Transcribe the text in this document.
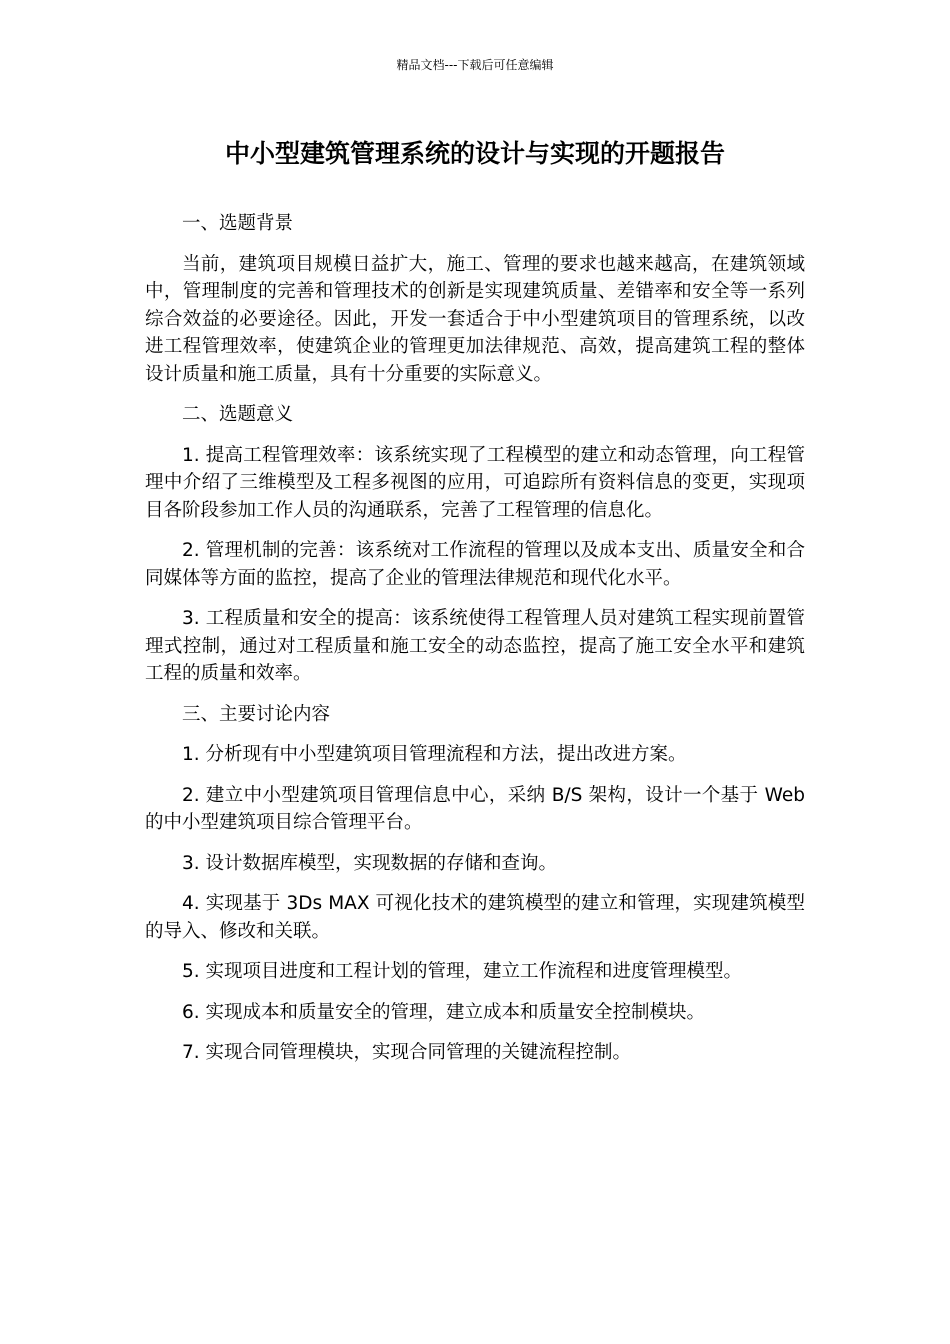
精品文档---下载后可任意编辑
中小型建筑管理系统的设计与实现的开题报告

一、选题背景

当前，建筑项目规模日益扩大，施工、管理的要求也越来越高，在建筑领域中，管理制度的完善和管理技术的创新是实现建筑质量、差错率和安全等一系列综合效益的必要途径。因此，开发一套适合于中小型建筑项目的管理系统，以改进工程管理效率，使建筑企业的管理更加法律规范、高效，提高建筑工程的整体设计质量和施工质量，具有十分重要的实际意义。

二、选题意义

1. 提高工程管理效率：该系统实现了工程模型的建立和动态管理，向工程管理中介绍了三维模型及工程多视图的应用，可追踪所有资料信息的变更，实现项目各阶段参加工作人员的沟通联系，完善了工程管理的信息化。

2. 管理机制的完善：该系统对工作流程的管理以及成本支出、质量安全和合同媒体等方面的监控，提高了企业的管理法律规范和现代化水平。

3. 工程质量和安全的提高：该系统使得工程管理人员对建筑工程实现前置管理式控制，通过对工程质量和施工安全的动态监控，提高了施工安全水平和建筑工程的质量和效率。

三、主要讨论内容

1. 分析现有中小型建筑项目管理流程和方法，提出改进方案。

2. 建立中小型建筑项目管理信息中心，采纳 B/S 架构，设计一个基于 Web 的中小型建筑项目综合管理平台。

3. 设计数据库模型，实现数据的存储和查询。

4. 实现基于 3Ds MAX 可视化技术的建筑模型的建立和管理，实现建筑模型的导入、修改和关联。

5. 实现项目进度和工程计划的管理，建立工作流程和进度管理模型。

6. 实现成本和质量安全的管理，建立成本和质量安全控制模块。

7. 实现合同管理模块，实现合同管理的关键流程控制。
